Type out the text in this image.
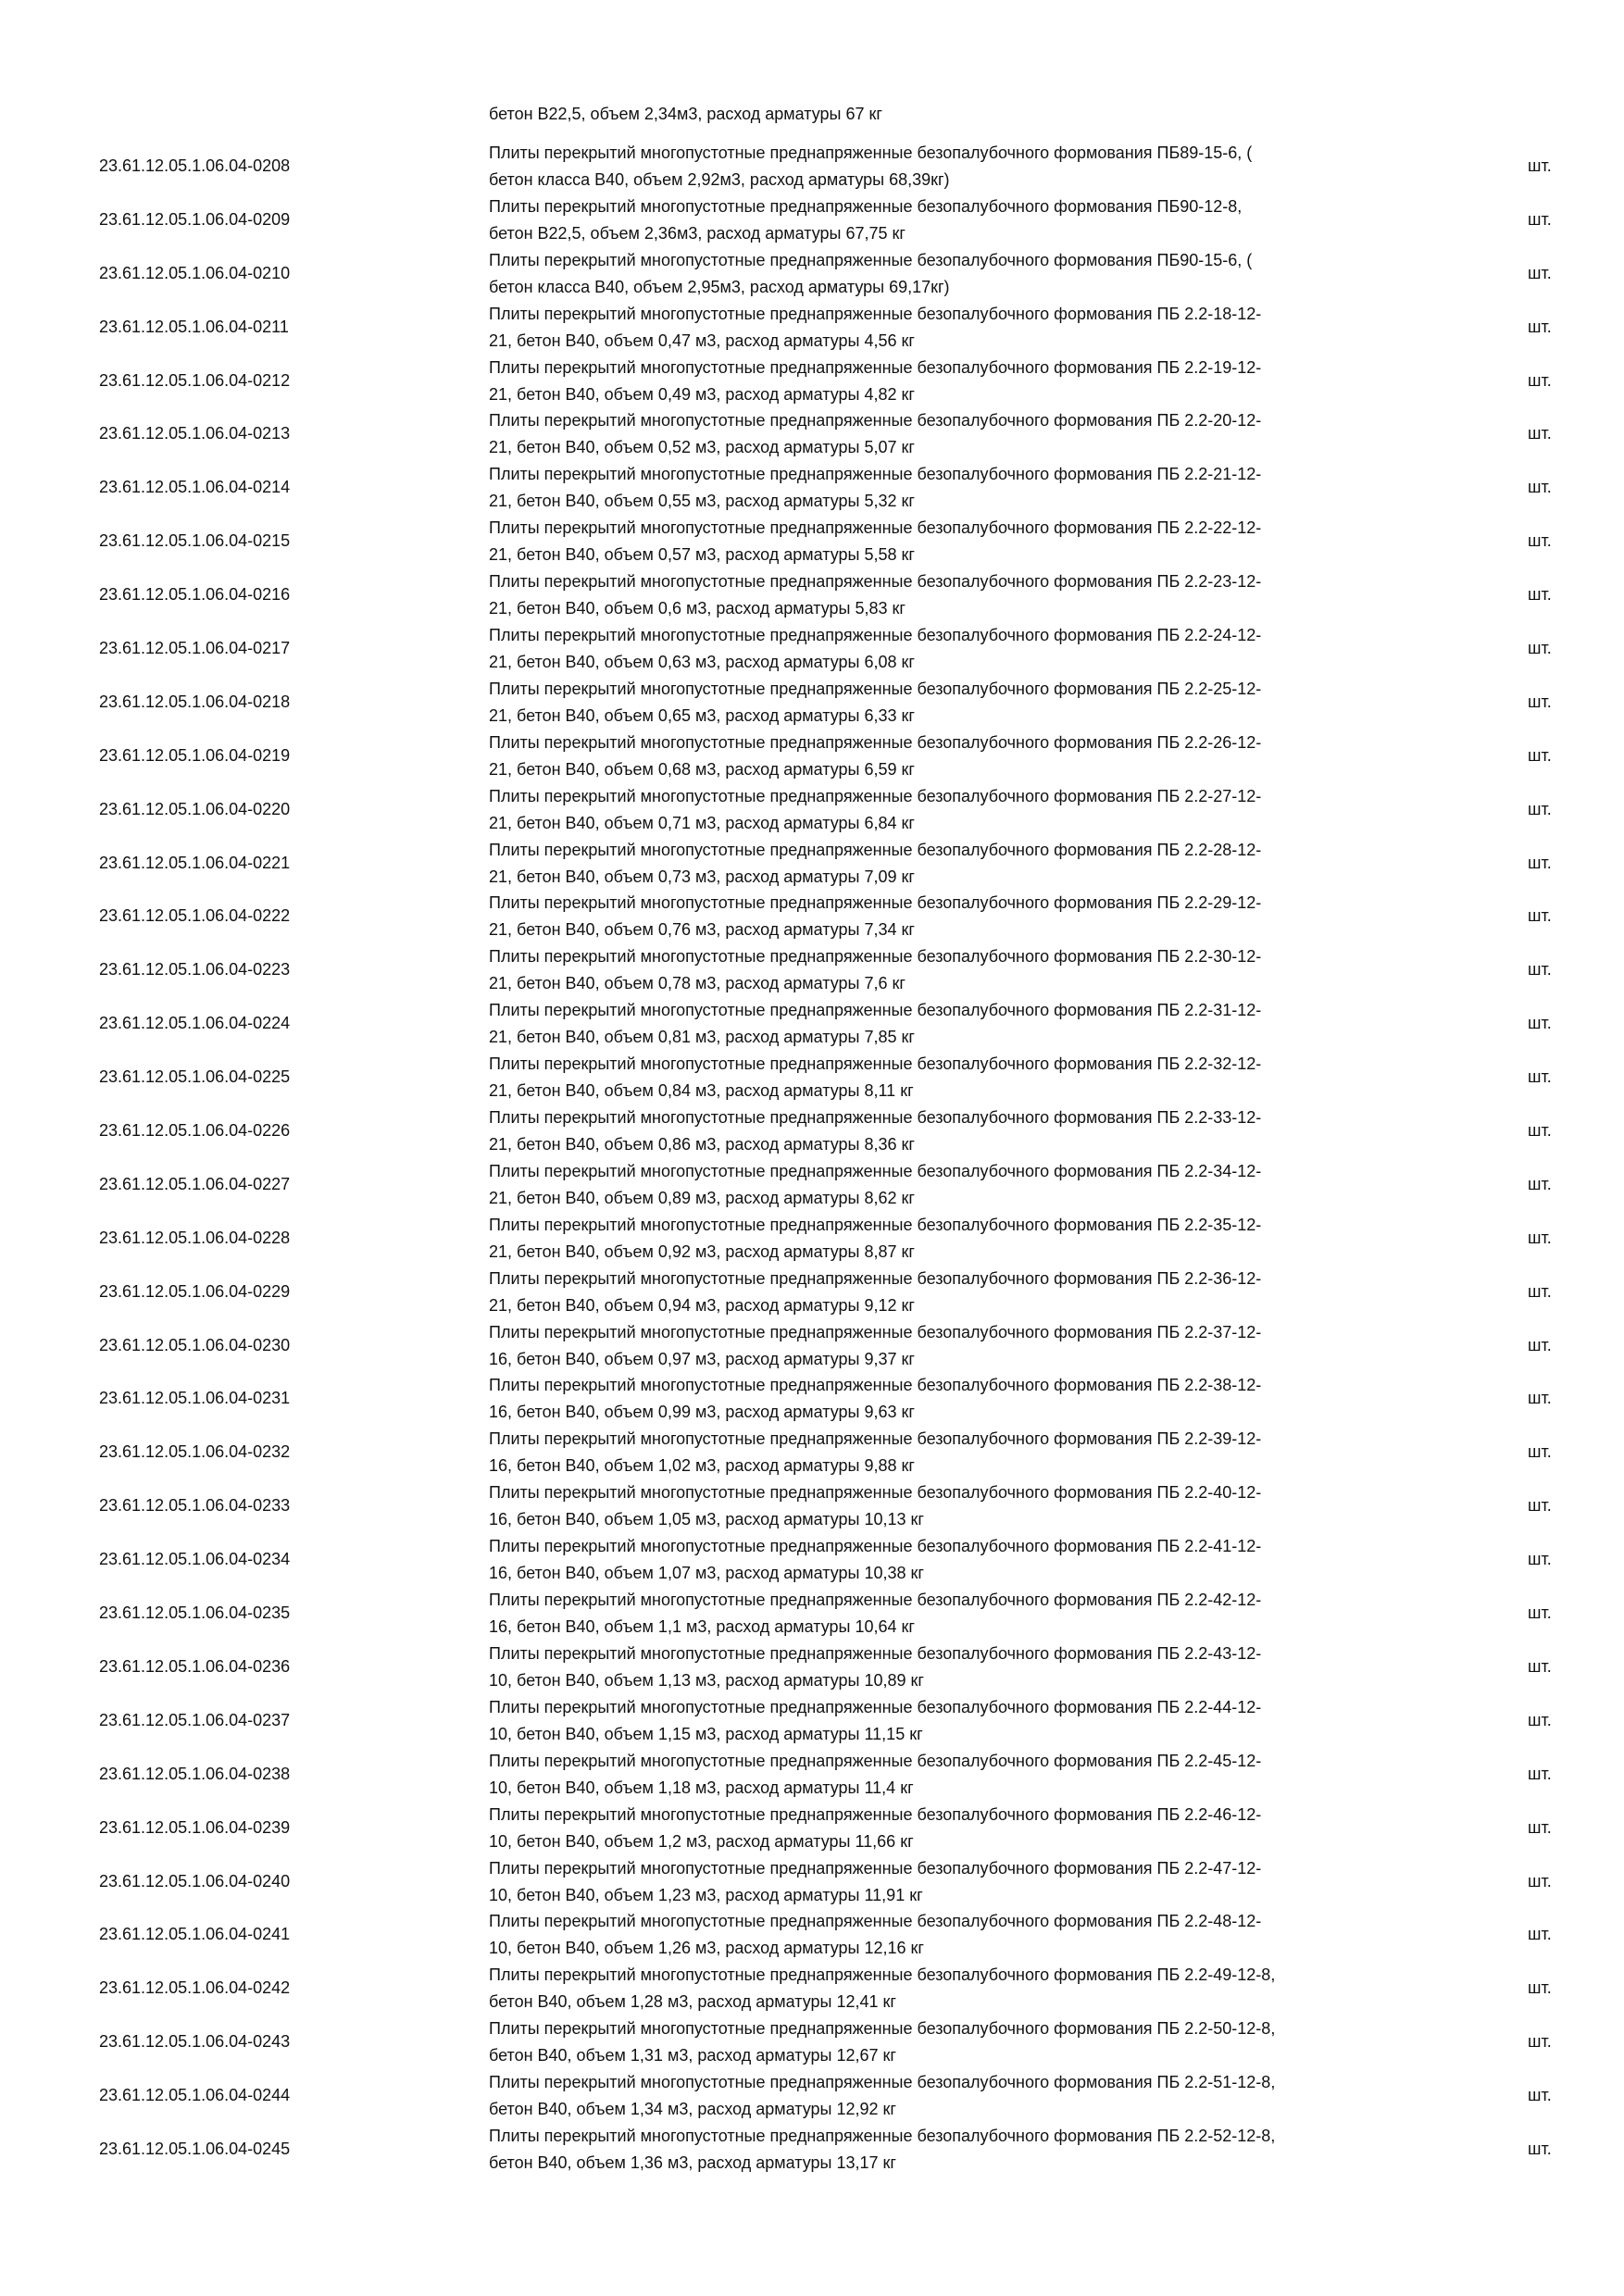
бетон В22,5, объем 2,34м3, расход арматуры 67 кг
23.61.12.05.1.06.04-0208
Плиты перекрытий многопустотные преднапряженные безопалубочного формования ПБ89-15-6, (
бетон класса В40, объем 2,92м3, расход арматуры 68,39кг)
шт.
23.61.12.05.1.06.04-0209
Плиты перекрытий многопустотные преднапряженные безопалубочного формования ПБ90-12-8,
бетон В22,5, объем 2,36м3, расход арматуры 67,75 кг
шт.
23.61.12.05.1.06.04-0210
Плиты перекрытий многопустотные преднапряженные безопалубочного формования ПБ90-15-6, (
бетон класса В40, объем 2,95м3, расход арматуры 69,17кг)
шт.
23.61.12.05.1.06.04-0211
Плиты перекрытий многопустотные преднапряженные безопалубочного формования ПБ 2.2-18-12-
21, бетон В40, объем 0,47 м3, расход арматуры 4,56 кг
шт.
23.61.12.05.1.06.04-0212
Плиты перекрытий многопустотные преднапряженные безопалубочного формования ПБ 2.2-19-12-
21, бетон В40, объем 0,49 м3, расход арматуры 4,82 кг
шт.
23.61.12.05.1.06.04-0213
Плиты перекрытий многопустотные преднапряженные безопалубочного формования ПБ 2.2-20-12-
21, бетон В40, объем 0,52 м3, расход арматуры 5,07 кг
шт.
23.61.12.05.1.06.04-0214
Плиты перекрытий многопустотные преднапряженные безопалубочного формования ПБ 2.2-21-12-
21, бетон В40, объем 0,55 м3, расход арматуры 5,32 кг
шт.
23.61.12.05.1.06.04-0215
Плиты перекрытий многопустотные преднапряженные безопалубочного формования ПБ 2.2-22-12-
21, бетон В40, объем 0,57 м3, расход арматуры 5,58 кг
шт.
23.61.12.05.1.06.04-0216
Плиты перекрытий многопустотные преднапряженные безопалубочного формования ПБ 2.2-23-12-
21, бетон В40, объем 0,6 м3, расход арматуры 5,83 кг
шт.
23.61.12.05.1.06.04-0217
Плиты перекрытий многопустотные преднапряженные безопалубочного формования ПБ 2.2-24-12-
21, бетон В40, объем 0,63 м3, расход арматуры 6,08 кг
шт.
23.61.12.05.1.06.04-0218
Плиты перекрытий многопустотные преднапряженные безопалубочного формования ПБ 2.2-25-12-
21, бетон В40, объем 0,65 м3, расход арматуры 6,33 кг
шт.
23.61.12.05.1.06.04-0219
Плиты перекрытий многопустотные преднапряженные безопалубочного формования ПБ 2.2-26-12-
21, бетон В40, объем 0,68 м3, расход арматуры 6,59 кг
шт.
23.61.12.05.1.06.04-0220
Плиты перекрытий многопустотные преднапряженные безопалубочного формования ПБ 2.2-27-12-
21, бетон В40, объем 0,71 м3, расход арматуры 6,84 кг
шт.
23.61.12.05.1.06.04-0221
Плиты перекрытий многопустотные преднапряженные безопалубочного формования ПБ 2.2-28-12-
21, бетон В40, объем 0,73 м3, расход арматуры 7,09 кг
шт.
23.61.12.05.1.06.04-0222
Плиты перекрытий многопустотные преднапряженные безопалубочного формования ПБ 2.2-29-12-
21, бетон В40, объем 0,76 м3, расход арматуры 7,34 кг
шт.
23.61.12.05.1.06.04-0223
Плиты перекрытий многопустотные преднапряженные безопалубочного формования ПБ 2.2-30-12-
21, бетон В40, объем 0,78 м3, расход арматуры 7,6 кг
шт.
23.61.12.05.1.06.04-0224
Плиты перекрытий многопустотные преднапряженные безопалубочного формования ПБ 2.2-31-12-
21, бетон В40, объем 0,81 м3, расход арматуры 7,85 кг
шт.
23.61.12.05.1.06.04-0225
Плиты перекрытий многопустотные преднапряженные безопалубочного формования ПБ 2.2-32-12-
21, бетон В40, объем 0,84 м3, расход арматуры 8,11 кг
шт.
23.61.12.05.1.06.04-0226
Плиты перекрытий многопустотные преднапряженные безопалубочного формования ПБ 2.2-33-12-
21, бетон В40, объем 0,86 м3, расход арматуры 8,36 кг
шт.
23.61.12.05.1.06.04-0227
Плиты перекрытий многопустотные преднапряженные безопалубочного формования ПБ 2.2-34-12-
21, бетон В40, объем 0,89 м3, расход арматуры 8,62 кг
шт.
23.61.12.05.1.06.04-0228
Плиты перекрытий многопустотные преднапряженные безопалубочного формования ПБ 2.2-35-12-
21, бетон В40, объем 0,92 м3, расход арматуры 8,87 кг
шт.
23.61.12.05.1.06.04-0229
Плиты перекрытий многопустотные преднапряженные безопалубочного формования ПБ 2.2-36-12-
21, бетон В40, объем 0,94 м3, расход арматуры 9,12 кг
шт.
23.61.12.05.1.06.04-0230
Плиты перекрытий многопустотные преднапряженные безопалубочного формования ПБ 2.2-37-12-
16, бетон В40, объем 0,97 м3, расход арматуры 9,37 кг
шт.
23.61.12.05.1.06.04-0231
Плиты перекрытий многопустотные преднапряженные безопалубочного формования ПБ 2.2-38-12-
16, бетон В40, объем 0,99 м3, расход арматуры 9,63 кг
шт.
23.61.12.05.1.06.04-0232
Плиты перекрытий многопустотные преднапряженные безопалубочного формования ПБ 2.2-39-12-
16, бетон В40, объем 1,02 м3, расход арматуры 9,88 кг
шт.
23.61.12.05.1.06.04-0233
Плиты перекрытий многопустотные преднапряженные безопалубочного формования ПБ 2.2-40-12-
16, бетон В40, объем 1,05 м3, расход арматуры 10,13 кг
шт.
23.61.12.05.1.06.04-0234
Плиты перекрытий многопустотные преднапряженные безопалубочного формования ПБ 2.2-41-12-
16, бетон В40, объем 1,07 м3, расход арматуры 10,38 кг
шт.
23.61.12.05.1.06.04-0235
Плиты перекрытий многопустотные преднапряженные безопалубочного формования ПБ 2.2-42-12-
16, бетон В40, объем 1,1 м3, расход арматуры 10,64 кг
шт.
23.61.12.05.1.06.04-0236
Плиты перекрытий многопустотные преднапряженные безопалубочного формования ПБ 2.2-43-12-
10, бетон В40, объем 1,13 м3, расход арматуры 10,89 кг
шт.
23.61.12.05.1.06.04-0237
Плиты перекрытий многопустотные преднапряженные безопалубочного формования ПБ 2.2-44-12-
10, бетон В40, объем 1,15 м3, расход арматуры 11,15 кг
шт.
23.61.12.05.1.06.04-0238
Плиты перекрытий многопустотные преднапряженные безопалубочного формования ПБ 2.2-45-12-
10, бетон В40, объем 1,18 м3, расход арматуры 11,4 кг
шт.
23.61.12.05.1.06.04-0239
Плиты перекрытий многопустотные преднапряженные безопалубочного формования ПБ 2.2-46-12-
10, бетон В40, объем 1,2 м3, расход арматуры 11,66 кг
шт.
23.61.12.05.1.06.04-0240
Плиты перекрытий многопустотные преднапряженные безопалубочного формования ПБ 2.2-47-12-
10, бетон В40, объем 1,23 м3, расход арматуры 11,91 кг
шт.
23.61.12.05.1.06.04-0241
Плиты перекрытий многопустотные преднапряженные безопалубочного формования ПБ 2.2-48-12-
10, бетон В40, объем 1,26 м3, расход арматуры 12,16 кг
шт.
23.61.12.05.1.06.04-0242
Плиты перекрытий многопустотные преднапряженные безопалубочного формования ПБ 2.2-49-12-8,
бетон В40, объем 1,28 м3, расход арматуры 12,41 кг
шт.
23.61.12.05.1.06.04-0243
Плиты перекрытий многопустотные преднапряженные безопалубочного формования ПБ 2.2-50-12-8,
бетон В40, объем 1,31 м3, расход арматуры 12,67 кг
шт.
23.61.12.05.1.06.04-0244
Плиты перекрытий многопустотные преднапряженные безопалубочного формования ПБ 2.2-51-12-8,
бетон В40, объем 1,34 м3, расход арматуры 12,92 кг
шт.
23.61.12.05.1.06.04-0245
Плиты перекрытий многопустотные преднапряженные безопалубочного формования ПБ 2.2-52-12-8,
бетон В40, объем 1,36 м3, расход арматуры 13,17 кг
шт.
